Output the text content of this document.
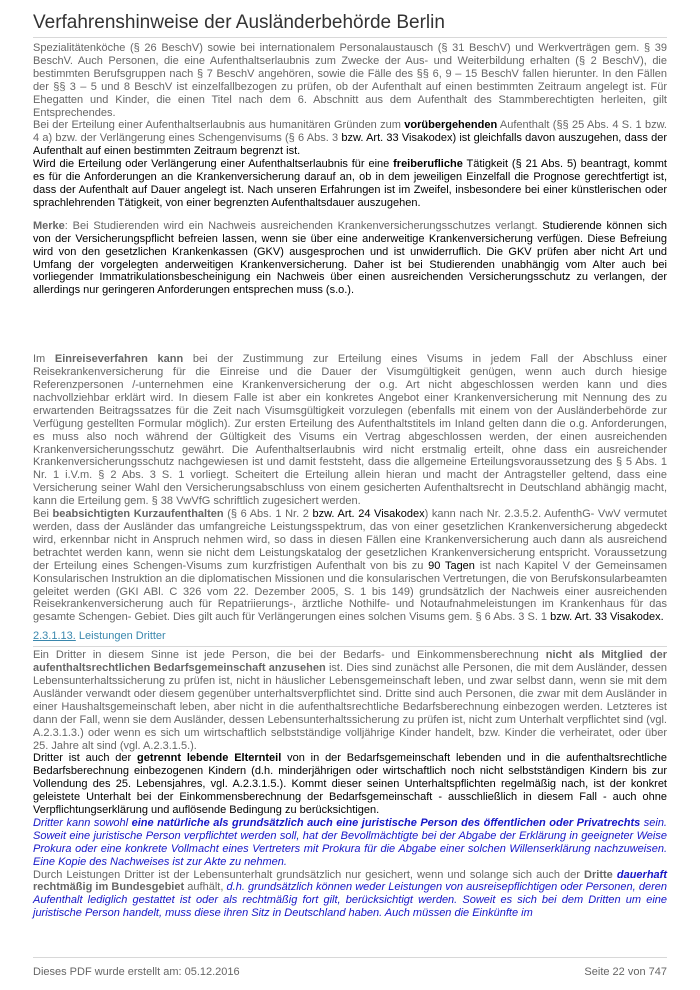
Verfahrenshinweise der Ausländerbehörde Berlin

Spezialitätenköche (§ 26 BeschV) sowie bei internationalem Personalaustausch (§ 31 BeschV) und Werkverträgen gem. § 39 BeschV. Auch Personen, die eine Aufenthaltserlaubnis zum Zwecke der Aus- und Weiterbildung erhalten (§ 2 BeschV), die bestimmten Berufsgruppen nach § 7 BeschV angehören, sowie die Fälle des §§ 6, 9 – 15 BeschV fallen hierunter. In den Fällen der §§ 3 – 5 und 8 BeschV ist einzelfallbezogen zu prüfen, ob der Aufenthalt auf einen bestimmten Zeitraum angelegt ist. Für Ehegatten und Kinder, die einen Titel nach dem 6. Abschnitt aus dem Aufenthalt des Stammberechtigten herleiten, gilt Entsprechendes.

Bei der Erteilung einer Aufenthaltserlaubnis aus humanitären Gründen zum vorübergehenden Aufenthalt (§§ 25 Abs. 4 S. 1 bzw. 4 a) bzw. der Verlängerung eines Schengenvisums (§ 6 Abs. 3 bzw. Art. 33 Visakodex) ist gleichfalls davon auszugehen, dass der Aufenthalt auf einen bestimmten Zeitraum begrenzt ist.

Wird die Erteilung oder Verlängerung einer Aufenthaltserlaubnis für eine freiberufliche Tätigkeit (§ 21 Abs. 5) beantragt, kommt es für die Anforderungen an die Krankenversicherung darauf an, ob in dem jeweiligen Einzelfall die Prognose gerechtfertigt ist, dass der Aufenthalt auf Dauer angelegt ist. Nach unseren Erfahrungen ist im Zweifel, insbesondere bei einer künstlerischen oder sprachlehrenden Tätigkeit, von einer begrenzten Aufenthaltsdauer auszugehen.

Merke: Bei Studierenden wird ein Nachweis ausreichenden Krankenversicherungsschutzes verlangt. Studierende können sich von der Versicherungspflicht befreien lassen, wenn sie über eine anderweitige Krankenversicherung verfügen. Diese Befreiung wird von den gesetzlichen Krankenkassen (GKV) ausgesprochen und ist unwiderruflich. Die GKV prüfen aber nicht Art und Umfang der vorgelegten anderweitigen Krankenversicherung. Daher ist bei Studierenden unabhängig vom Alter auch bei vorliegender Immatrikulationsbescheinigung ein Nachweis über einen ausreichenden Versicherungsschutz zu verlangen, der allerdings nur geringeren Anforderungen entsprechen muss (s.o.).

Im Einreiseverfahren kann bei der Zustimmung zur Erteilung eines Visums in jedem Fall der Abschluss einer Reisekrankenversicherung für die Einreise und die Dauer der Visumgültigkeit genügen, wenn auch durch hiesige Referenzpersonen /-unternehmen eine Krankenversicherung der o.g. Art nicht abgeschlossen werden kann und dies nachvollziehbar erklärt wird. In diesem Falle ist aber ein konkretes Angebot einer Krankenversicherung mit Nennung des zu erwartenden Beitragssatzes für die Zeit nach Visumsgültigkeit vorzulegen (ebenfalls mit einem von der Ausländerbehörde zur Verfügung gestellten Formular möglich). Zur ersten Erteilung des Aufenthaltstitels im Inland gelten dann die o.g. Anforderungen, es muss also noch während der Gültigkeit des Visums ein Vertrag abgeschlossen werden, der einen ausreichenden Krankenversicherungsschutz gewährt. Die Aufenthaltserlaubnis wird nicht erstmalig erteilt, ohne dass ein ausreichender Krankenversicherungsschutz nachgewiesen ist und damit feststeht, dass die allgemeine Erteilungsvoraussetzung des § 5 Abs. 1 Nr. 1 i.V.m. § 2 Abs. 3 S. 1 vorliegt. Scheitert die Erteilung allein hieran und macht der Antragsteller geltend, dass eine Versicherung seiner Wahl den Versicherungsabschluss von einem gesicherten Aufenthaltsrecht in Deutschland abhängig macht, kann die Erteilung gem. § 38 VwVfG schriftlich zugesichert werden.

Bei beabsichtigten Kurzaufenthalten (§ 6 Abs. 1 Nr. 2 bzw. Art. 24 Visakodex) kann nach Nr. 2.3.5.2. AufenthG- VwV vermutet werden, dass der Ausländer das umfangreiche Leistungsspektrum, das von einer gesetzlichen Krankenversicherung abgedeckt wird, erkennbar nicht in Anspruch nehmen wird, so dass in diesen Fällen eine Krankenversicherung auch dann als ausreichend betrachtet werden kann, wenn sie nicht dem Leistungskatalog der gesetzlichen Krankenversicherung entspricht. Voraussetzung der Erteilung eines Schengen-Visums zum kurzfristigen Aufenthalt von bis zu 90 Tagen ist nach Kapitel V der Gemeinsamen Konsularischen Instruktion an die diplomatischen Missionen und die konsularischen Vertretungen, die von Berufskonsularbeamten geleitet werden (GKI ABl. C 326 vom 22. Dezember 2005, S. 1 bis 149) grundsätzlich der Nachweis einer ausreichenden Reisekrankenversicherung auch für Repatriierungs-, ärztliche Nothilfe- und Notaufnahmeleistungen im Krankenhaus für das gesamte Schengen- Gebiet. Dies gilt auch für Verlängerungen eines solchen Visums gem. § 6 Abs. 3 S. 1 bzw. Art. 33 Visakodex.

2.3.1.13. Leistungen Dritter

Ein Dritter in diesem Sinne ist jede Person, die bei der Bedarfs- und Einkommensberechnung nicht als Mitglied der aufenthaltsrechtlichen Bedarfsgemeinschaft anzusehen ist. Dies sind zunächst alle Personen, die mit dem Ausländer, dessen Lebensunterhaltssicherung zu prüfen ist, nicht in häuslicher Lebensgemeinschaft leben, und zwar selbst dann, wenn sie mit dem Ausländer verwandt oder diesem gegenüber unterhaltsverpflichtet sind. Dritte sind auch Personen, die zwar mit dem Ausländer in einer Haushaltsgemeinschaft leben, aber nicht in die aufenthaltsrechtliche Bedarfsberechnung einbezogen werden. Letzteres ist dann der Fall, wenn sie dem Ausländer, dessen Lebensunterhaltssicherung zu prüfen ist, nicht zum Unterhalt verpflichtet sind (vgl. A.2.3.1.3.) oder wenn es sich um wirtschaftlich selbstständige volljährige Kinder handelt, bzw. Kinder die verheiratet, oder über 25. Jahre alt sind (vgl. A.2.3.1.5.).

Dritter ist auch der getrennt lebende Elternteil von in der Bedarfsgemeinschaft lebenden und in die aufenthaltsrechtliche Bedarfsberechnung einbezogenen Kindern (d.h. minderjährigen oder wirtschaftlich noch nicht selbstständigen Kindern bis zur Vollendung des 25. Lebensjahres, vgl. A.2.3.1.5.). Kommt dieser seinen Unterhaltspflichten regelmäßig nach, ist der konkret geleistete Unterhalt bei der Einkommensberechnung der Bedarfsgemeinschaft - ausschließlich in diesem Fall - auch ohne Verpflichtungserklärung und auflösende Bedingung zu berücksichtigen.

Dritter kann sowohl eine natürliche als grundsätzlich auch eine juristische Person des öffentlichen oder Privatrechts sein. Soweit eine juristische Person verpflichtet werden soll, hat der Bevollmächtigte bei der Abgabe der Erklärung in geeigneter Weise Prokura oder eine konkrete Vollmacht eines Vertreters mit Prokura für die Abgabe einer solchen Willenserklärung nachzuweisen. Eine Kopie des Nachweises ist zur Akte zu nehmen.

Durch Leistungen Dritter ist der Lebensunterhalt grundsätzlich nur gesichert, wenn und solange sich auch der Dritte dauerhaft rechtmäßig im Bundesgebiet aufhält, d.h. grundsätzlich können weder Leistungen von ausreisepflichtigen oder Personen, deren Aufenthalt lediglich gestattet ist oder als rechtmäßig fort gilt, berücksichtigt werden. Soweit es sich bei dem Dritten um eine juristische Person handelt, muss diese ihren Sitz in Deutschland haben. Auch müssen die Einkünfte im

Dieses PDF wurde erstellt am: 05.12.2016	Seite 22 von 747
